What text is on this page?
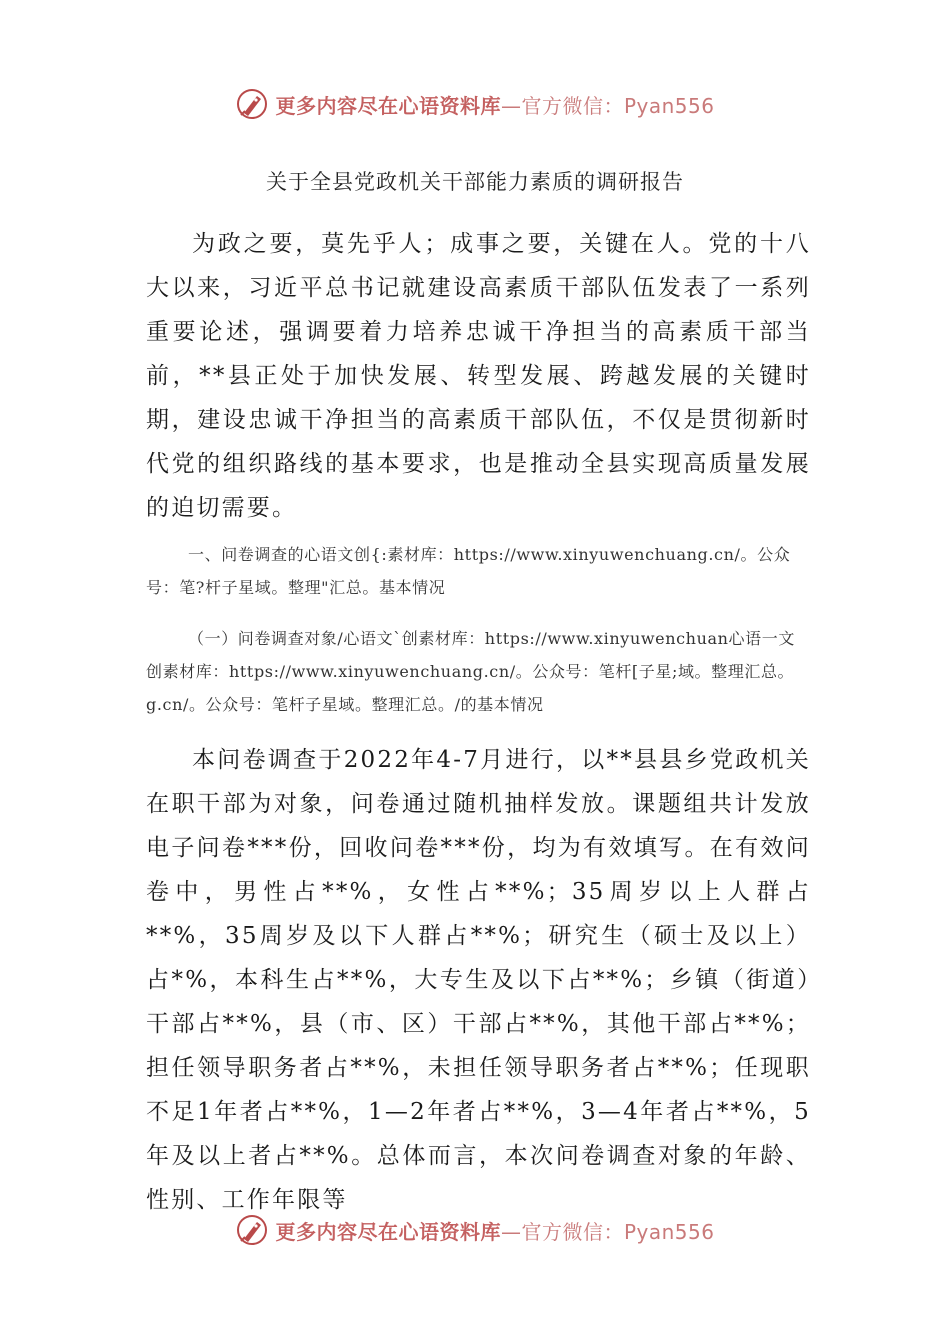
更多内容尽在心语资料库—官方微信：Pyan556
关于全县党政机关干部能力素质的调研报告

为政之要，莫先乎人；成事之要，关键在人。党的十八大以来，习近平总书记就建设高素质干部队伍发表了一系列重要论述，强调要着力培养忠诚干净担当的高素质干部当前，**县正处于加快发展、转型发展、跨越发展的关键时期，建设忠诚干净担当的高素质干部队伍，不仅是贯彻新时代党的组织路线的基本要求，也是推动全县实现高质量发展的迫切需要。

一、问卷调查的心语文创{:素材库：https://www.xinyuwenchuang.cn/。公众号：笔?杆子星域。整理"汇总。基本情况

（一）问卷调查对象/心语文`创素材库：https://www.xinyuwenchuan心语一文创素材库：https://www.xinyuwenchuang.cn/。公众号：笔杆[子星;域。整理汇总。g.cn/。公众号：笔杆子星域。整理汇总。/的基本情况

本问卷调查于2022年4-7月进行，以**县县乡党政机关在职干部为对象，问卷通过随机抽样发放。课题组共计发放电子问卷***份，回收问卷***份，均为有效填写。在有效问卷中，男性占**%，女性占**%；35周岁以上人群占**%，35周岁及以下人群占**%；研究生（硕士及以上）占*%，本科生占**%，大专生及以下占**%；乡镇（街道）干部占**%，县（市、区）干部占**%，其他干部占**%；担任领导职务者占**%，未担任领导职务者占**%；任现职不足1年者占**%，1—2年者占**%，3—4年者占**%，5年及以上者占**%。总体而言，本次问卷调查对象的年龄、性别、工作年限等

更多内容尽在心语资料库—官方微信：Pyan556
